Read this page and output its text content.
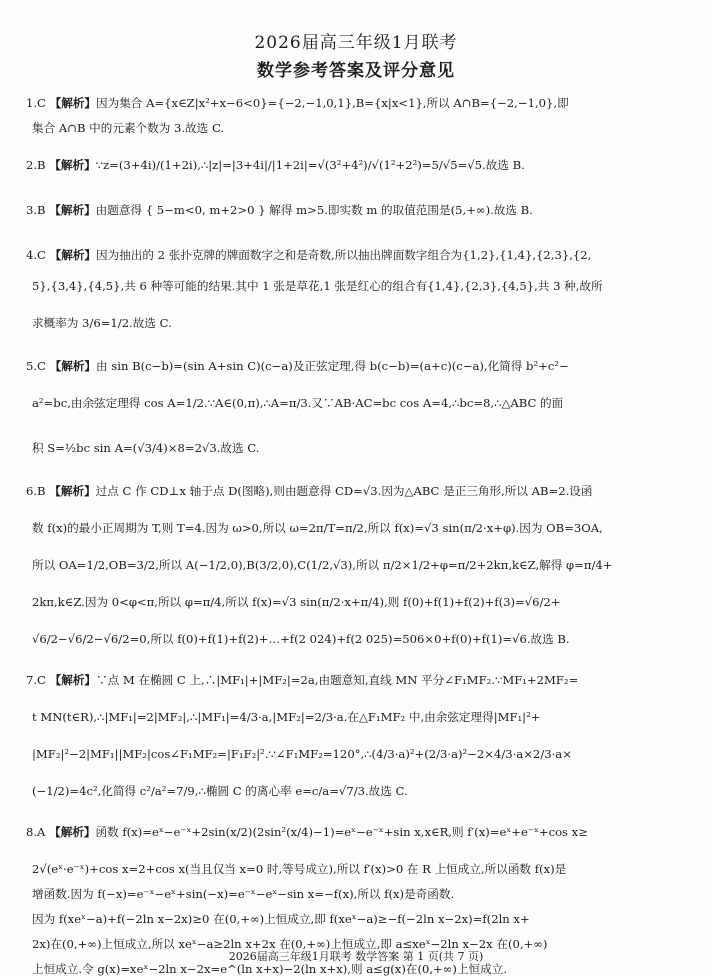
2026届高三年级1月联考
数学参考答案及评分意见
1.C 【解析】因为集合 A={x∈Z|x²+x−6<0}={−2,−1,0,1},B={x|x<1},所以 A∩B={−2,−1,0},即
集合 A∩B 中的元素个数为 3.故选 C.
2.B 【解析】∵z=(3+4i)/(1+2i),∴|z|=|3+4i|/|1+2i|=√(3²+4²)/√(1²+2²)=5/√5=√5.故选 B.
3.B 【解析】由题意得 { 5−m<0, m+2>0 } 解得 m>5.即实数 m 的取值范围是(5,+∞).故选 B.
4.C 【解析】因为抽出的 2 张扑克牌的牌面数字之和是奇数,所以抽出牌面数字组合为{1,2},{1,4},{2,3},{2,
5},{3,4},{4,5},共 6 种等可能的结果.其中 1 张是草花,1 张是红心的组合有{1,4},{2,3},{4,5},共 3 种,故所
求概率为 3/6=1/2.故选 C.
5.C 【解析】由 sin B(c−b)=(sin A+sin C)(c−a)及正弦定理,得 b(c−b)=(a+c)(c−a),化简得 b²+c²−
a²=bc,由余弦定理得 cos A=1/2.∵A∈(0,π),∴A=π/3.又∵AB·AC=bc cos A=4,∴bc=8,∴△ABC 的面
积 S=½bc sin A=(√3/4)×8=2√3.故选 C.
6.B 【解析】过点 C 作 CD⊥x 轴于点 D(图略),则由题意得 CD=√3.因为△ABC 是正三角形,所以 AB=2.设函
数 f(x)的最小正周期为 T,则 T=4.因为 ω>0,所以 ω=2π/T=π/2,所以 f(x)=√3 sin(π/2·x+φ).因为 OB=3OA,
所以 OA=1/2,OB=3/2,所以 A(−1/2,0),B(3/2,0),C(1/2,√3),所以 π/2×1/2+φ=π/2+2kπ,k∈Z,解得 φ=π/4+
2kπ,k∈Z.因为 0<φ<π,所以 φ=π/4,所以 f(x)=√3 sin(π/2·x+π/4),则 f(0)+f(1)+f(2)+f(3)=√6/2+
√6/2−√6/2−√6/2=0,所以 f(0)+f(1)+f(2)+…+f(2 024)+f(2 025)=506×0+f(0)+f(1)=√6.故选 B.
7.C 【解析】∵点 M 在椭圆 C 上,∴|MF₁|+|MF₂|=2a,由题意知,直线 MN 平分∠F₁MF₂.∵MF₁+2MF₂=
t MN(t∈R),∴|MF₁|=2|MF₂|,∴|MF₁|=4/3·a,|MF₂|=2/3·a.在△F₁MF₂ 中,由余弦定理得|MF₁|²+
|MF₂|²−2|MF₁||MF₂|cos∠F₁MF₂=|F₁F₂|².∵∠F₁MF₂=120°,∴(4/3·a)²+(2/3·a)²−2×4/3·a×2/3·a×
(−1/2)=4c²,化简得 c²/a²=7/9,∴椭圆 C 的离心率 e=c/a=√7/3.故选 C.
8.A 【解析】函数 f(x)=eˣ−e⁻ˣ+2sin(x/2)(2sin²(x/4)−1)=eˣ−e⁻ˣ+sin x,x∈R,则 f′(x)=eˣ+e⁻ˣ+cos x≥
2√(eˣ·e⁻ˣ)+cos x=2+cos x(当且仅当 x=0 时,等号成立),所以 f′(x)>0 在 R 上恒成立,所以函数 f(x)是
增函数.因为 f(−x)=e⁻ˣ−eˣ+sin(−x)=e⁻ˣ−eˣ−sin x=−f(x),所以 f(x)是奇函数.
因为 f(xeˣ−a)+f(−2ln x−2x)≥0 在(0,+∞)上恒成立,即 f(xeˣ−a)≥−f(−2ln x−2x)=f(2ln x+
2x)在(0,+∞)上恒成立,所以 xeˣ−a≥2ln x+2x 在(0,+∞)上恒成立,即 a≤xeˣ−2ln x−2x 在(0,+∞)
上恒成立.令 g(x)=xeˣ−2ln x−2x=e^(ln x+x)−2(ln x+x),则 a≤g(x)在(0,+∞)上恒成立.
2026届高三年级1月联考 数学答案 第 1 页(共 7 页)
